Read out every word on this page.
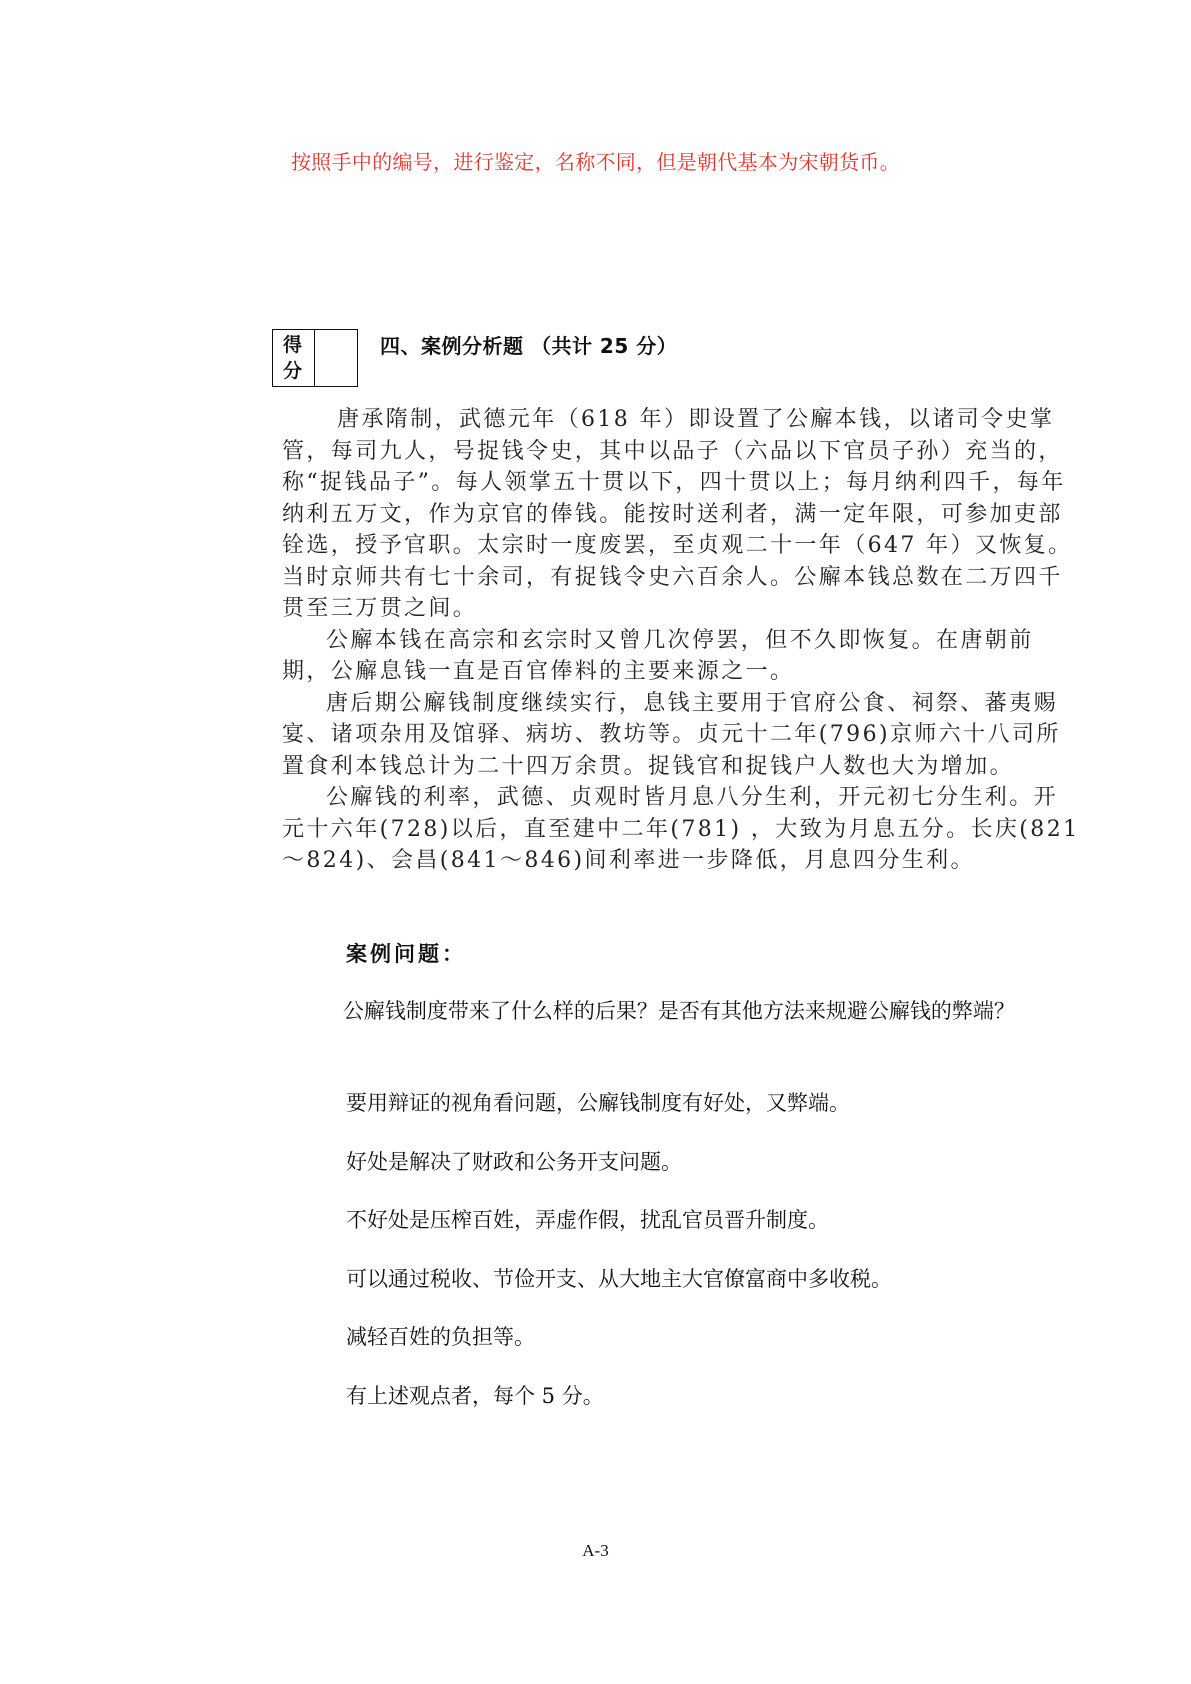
按照手中的编号，进行鉴定，名称不同，但是朝代基本为宋朝货币。
得
分
四、案例分析题 （共计 25 分）

唐承隋制，武德元年（618 年）即设置了公廨本钱，以诸司令史掌管，每司九人，号捉钱令史，其中以品子（六品以下官员子孙）充当的，称“捉钱品子”。每人领掌五十贯以下，四十贯以上；每月纳利四千，每年纳利五万文，作为京官的俸钱。能按时送利者，满一定年限，可参加吏部铨选，授予官职。太宗时一度废罢，至贞观二十一年（647 年）又恢复。当时京师共有七十余司，有捉钱令史六百余人。公廨本钱总数在二万四千贯至三万贯之间。

公廨本钱在高宗和玄宗时又曾几次停罢，但不久即恢复。在唐朝前期，公廨息钱一直是百官俸料的主要来源之一。

唐后期公廨钱制度继续实行，息钱主要用于官府公食、祠祭、蕃夷赐宴、诸项杂用及馆驿、病坊、教坊等。贞元十二年(796)京师六十八司所置食利本钱总计为二十四万余贯。捉钱官和捉钱户人数也大为增加。

公廨钱的利率，武德、贞观时皆月息八分生利，开元初七分生利。开元十六年(728)以后，直至建中二年(781) ，大致为月息五分。长庆(821～824)、会昌(841～846)间利率进一步降低，月息四分生利。

案例问题：
公廨钱制度带来了什么样的后果？是否有其他方法来规避公廨钱的弊端？
要用辩证的视角看问题，公廨钱制度有好处，又弊端。
好处是解决了财政和公务开支问题。
不好处是压榨百姓，弄虚作假，扰乱官员晋升制度。
可以通过税收、节俭开支、从大地主大官僚富商中多收税。
减轻百姓的负担等。
有上述观点者，每个 5 分。
A-3
